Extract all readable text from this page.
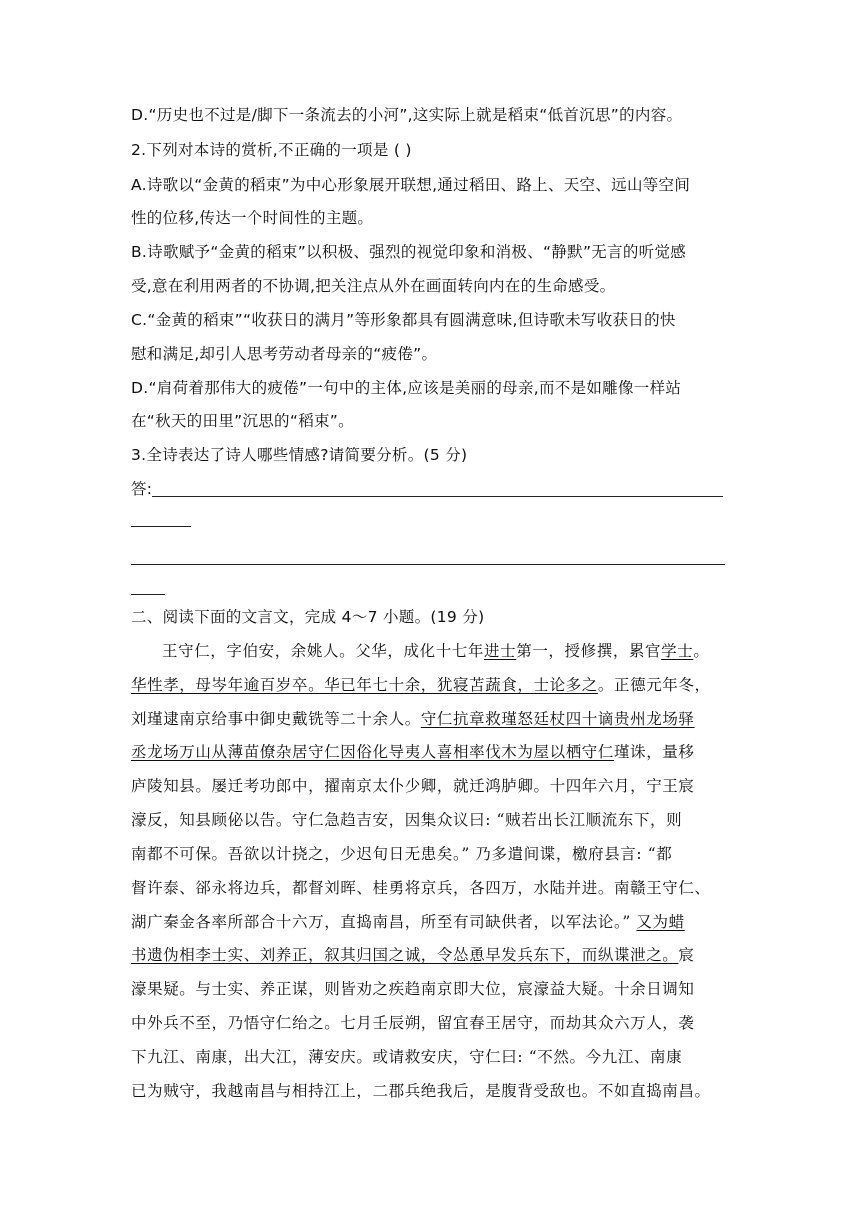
D.“历史也不过是/脚下一条流去的小河”,这实际上就是稻束“低首沉思”的内容。
2.下列对本诗的赏析,不正确的一项是 ( )
A.诗歌以“金黄的稻束”为中心形象展开联想,通过稻田、路上、天空、远山等空间
性的位移,传达一个时间性的主题。
B.诗歌赋予“金黄的稻束”以积极、强烈的视觉印象和消极、“静默”无言的听觉感
受,意在利用两者的不协调,把关注点从外在画面转向内在的生命感受。
C.“金黄的稻束”“收获日的满月”等形象都具有圆满意味,但诗歌未写收获日的快
慰和满足,却引人思考劳动者母亲的“疲倦”。
D.“肩荷着那伟大的疲倦”一句中的主体,应该是美丽的母亲,而不是如雕像一样站
在“秋天的田里”沉思的“稻束”。
3.全诗表达了诗人哪些情感?请简要分析。(5 分)
答:
二、阅读下面的文言文，完成 4～7 小题。(19 分)
王守仁，字伯安，余姚人。父华，成化十七年进士第一，授修撰，累官学士。
华性孝，母岑年逾百岁卒。华已年七十余，犹寝苫蔬食，士论多之。正德元年冬，
刘瑾逮南京给事中御史戴铣等二十余人。守仁抗章救瑾怒廷杖四十谪贵州龙场驿
丞龙场万山从薄苗僚杂居守仁因俗化导夷人喜相率伐木为屋以栖守仁瑾诛，量移
庐陵知县。屡迁考功郎中，擢南京太仆少卿，就迁鸿胪卿。十四年六月，宁王宸
濠反，知县顾佖以告。守仁急趋吉安，因集众议曰: “贼若出长江顺流东下，则
南都不可保。吾欲以计挠之，少迟旬日无患矣。” 乃多遣间谍，檄府县言: “都
督许泰、郤永将边兵，都督刘晖、桂勇将京兵，各四万，水陆并进。南赣王守仁、
湖广秦金各率所部合十六万，直捣南昌，所至有司缺供者，以军法论。” 又为蜡
书遗伪相李士实、刘养正，叙其归国之诚，令怂恿早发兵东下，而纵谍泄之。宸
濠果疑。与士实、养正谋，则皆劝之疾趋南京即大位，宸濠益大疑。十余日调知
中外兵不至，乃悟守仁绐之。七月壬辰朔，留宜春王居守，而劫其众六万人，袭
下九江、南康，出大江，薄安庆。或请救安庆，守仁曰: “不然。今九江、南康
已为贼守，我越南昌与相持江上，二郡兵绝我后，是腹背受敌也。不如直捣南昌。
